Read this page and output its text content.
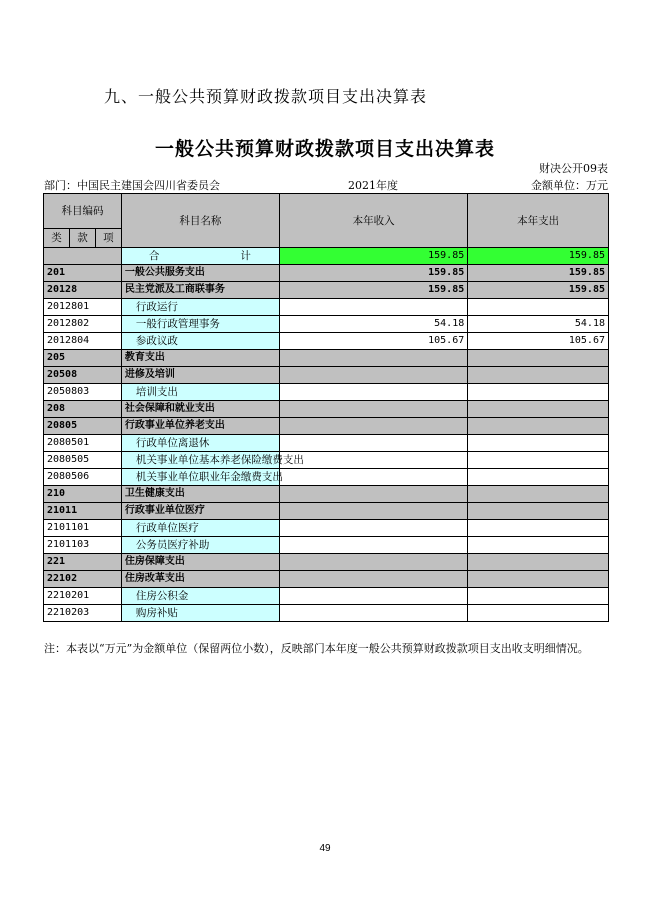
九、一般公共预算财政拨款项目支出决算表
一般公共预算财政拨款项目支出决算表
财决公开09表
部门：中国民主建国会四川省委员会	2021年度	金额单位：万元
科目编码			科目名称	本年收入	本年支出
类	款	项			
			合 计	159.85	159.85
201			一般公共服务支出	159.85	159.85
20128			民主党派及工商联事务	159.85	159.85
2012801			行政运行		
2012802			一般行政管理事务	54.18	54.18
2012804			参政议政	105.67	105.67
205			教育支出		
20508			进修及培训		
2050803			培训支出		
208			社会保障和就业支出		
20805			行政事业单位养老支出		
2080501			行政单位离退休		
2080505			机关事业单位基本养老保险缴费支出		
2080506			机关事业单位职业年金缴费支出		
210			卫生健康支出		
21011			行政事业单位医疗		
2101101			行政单位医疗		
2101103			公务员医疗补助		
221			住房保障支出		
22102			住房改革支出		
2210201			住房公积金		
2210203			购房补贴		
注：本表以“万元”为金额单位（保留两位小数），反映部门本年度一般公共预算财政拨款项目支出收支明细情况。
49
